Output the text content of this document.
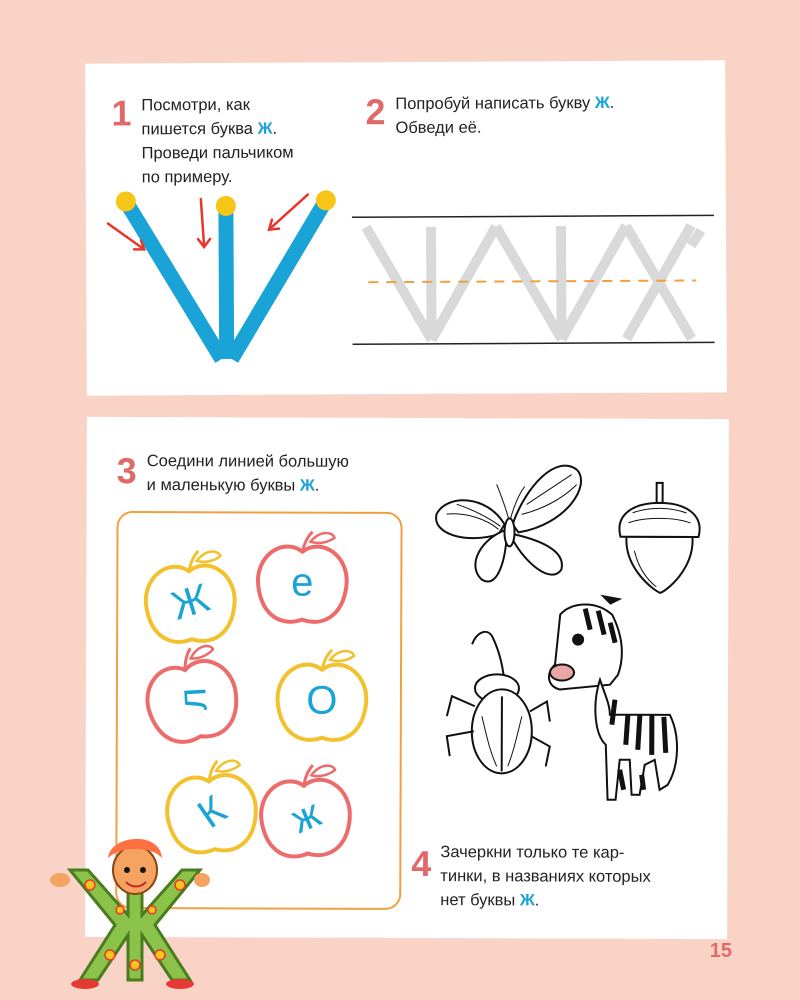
1 Посмотри, как
пишется буква Ж.
Проведи пальчиком
по примеру.
2 Попробуй написать букву Ж.
Обведи её.
3 Соедини линией большую
и маленькую буквы Ж.
Ж е
л О
К ж
4 Зачеркни только те кар-
тинки, в названиях которых
нет буквы Ж.
15
